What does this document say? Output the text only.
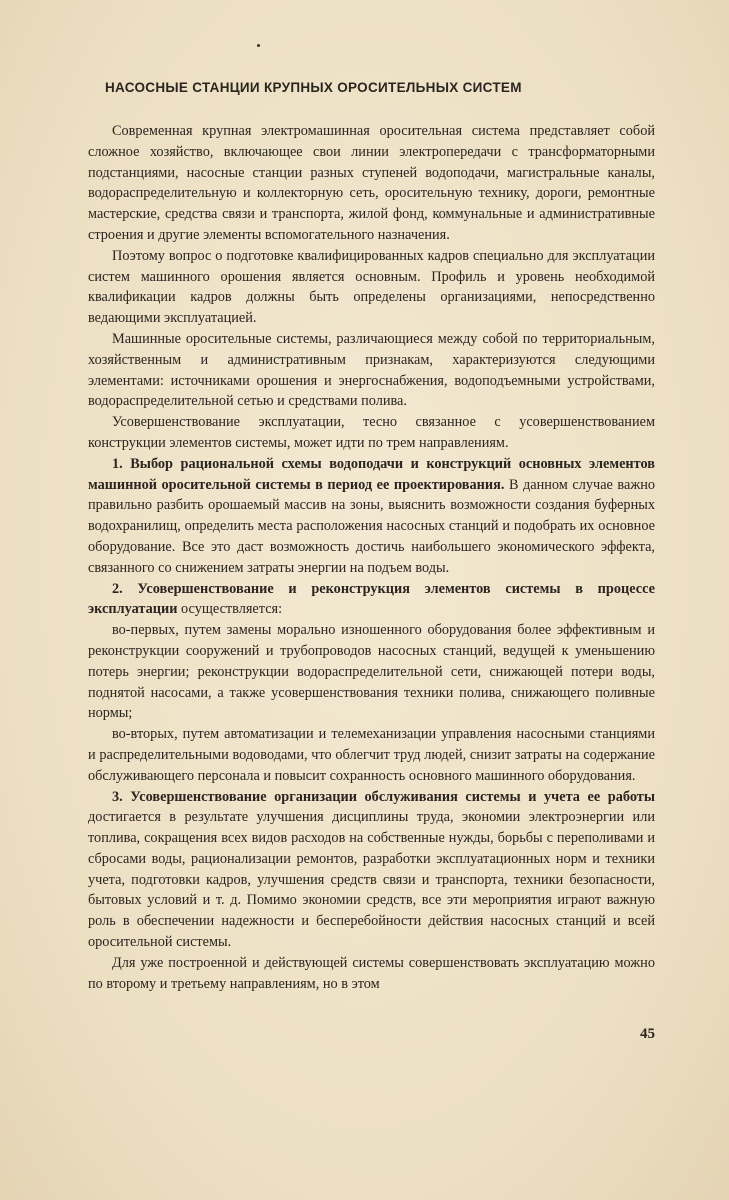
НАСОСНЫЕ СТАНЦИИ КРУПНЫХ ОРОСИТЕЛЬНЫХ СИСТЕМ

Современная крупная электромашинная оросительная система представляет собой сложное хозяйство, включающее свои линии электропередачи с трансформаторными подстанциями, насосные станции разных ступеней водоподачи, магистральные каналы, водораспределительную и коллекторную сеть, оросительную технику, дороги, ремонтные мастерские, средства связи и транспорта, жилой фонд, коммунальные и административные строения и другие элементы вспомогательного назначения.

Поэтому вопрос о подготовке квалифицированных кадров специально для эксплуатации систем машинного орошения является основным. Профиль и уровень необходимой квалификации кадров должны быть определены организациями, непосредственно ведающими эксплуатацией.

Машинные оросительные системы, различающиеся между собой по территориальным, хозяйственным и административным признакам, характеризуются следующими элементами: источниками орошения и энергоснабжения, водоподъемными устройствами, водораспределительной сетью и средствами полива.

Усовершенствование эксплуатации, тесно связанное с усовершенствованием конструкции элементов системы, может идти по трем направлениям.

1. Выбор рациональной схемы водоподачи и конструкций основных элементов машинной оросительной системы в период ее проектирования. В данном случае важно правильно разбить орошаемый массив на зоны, выяснить возможности создания буферных водохранилищ, определить места расположения насосных станций и подобрать их основное оборудование. Все это даст возможность достичь наибольшего экономического эффекта, связанного со снижением затраты энергии на подъем воды.

2. Усовершенствование и реконструкция элементов системы в процессе эксплуатации осуществляется:

во-первых, путем замены морально изношенного оборудования более эффективным и реконструкции сооружений и трубопроводов насосных станций, ведущей к уменьшению потерь энергии; реконструкции водораспределительной сети, снижающей потери воды, поднятой насосами, а также усовершенствования техники полива, снижающего поливные нормы;

во-вторых, путем автоматизации и телемеханизации управления насосными станциями и распределительными водоводами, что облегчит труд людей, снизит затраты на содержание обслуживающего персонала и повысит сохранность основного машинного оборудования.

3. Усовершенствование организации обслуживания системы и учета ее работы достигается в результате улучшения дисциплины труда, экономии электроэнергии или топлива, сокращения всех видов расходов на собственные нужды, борьбы с переполивами и сбросами воды, рационализации ремонтов, разработки эксплуатационных норм и техники учета, подготовки кадров, улучшения средств связи и транспорта, техники безопасности, бытовых условий и т. д. Помимо экономии средств, все эти мероприятия играют важную роль в обеспечении надежности и бесперебойности действия насосных станций и всей оросительной системы.

Для уже построенной и действующей системы совершенствовать эксплуатацию можно по второму и третьему направлениям, но в этом

45
